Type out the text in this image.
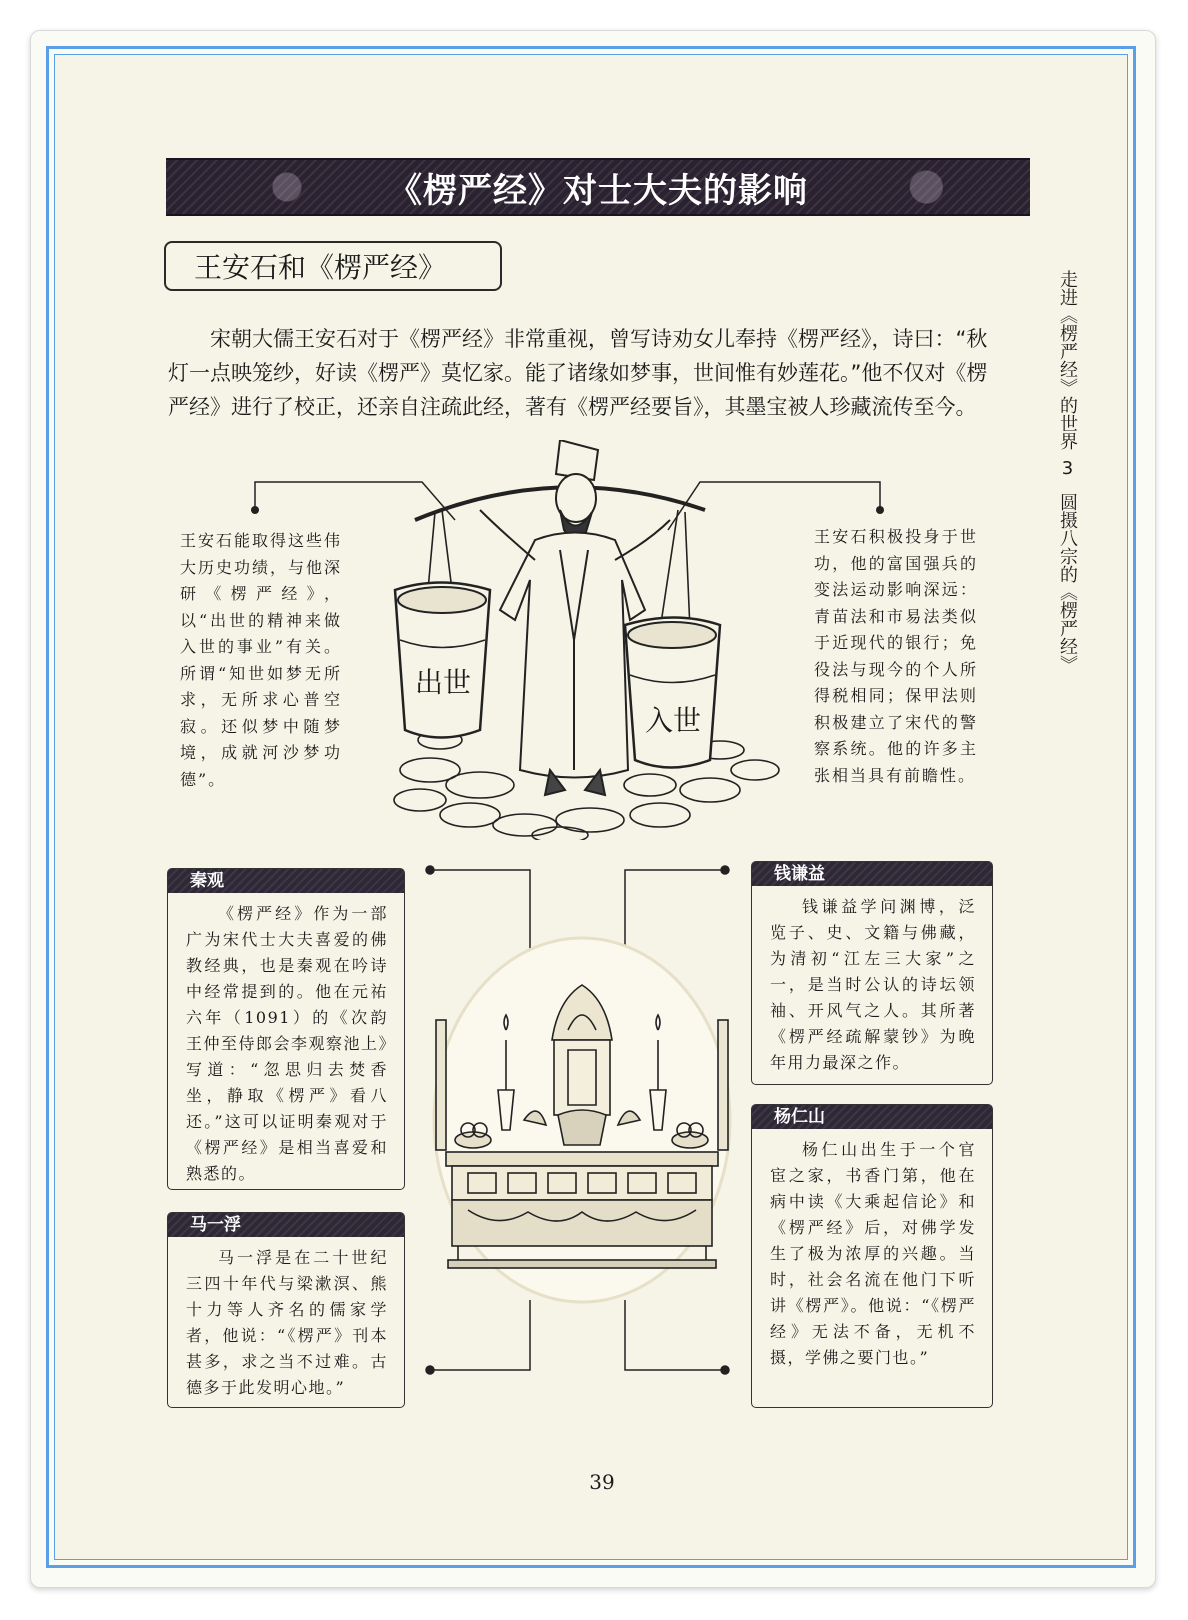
《楞严经》对士大夫的影响
王安石和《楞严经》

宋朝大儒王安石对于《楞严经》非常重视，曾写诗劝女儿奉持《楞严经》，诗曰：“秋灯一点映笼纱，好读《楞严》莫忆家。能了诸缘如梦事，世间惟有妙莲花。”他不仅对《楞严经》进行了校正，还亲自注疏此经，著有《楞严经要旨》，其墨宝被人珍藏流传至今。	走进《楞严经》的世界3圆摄八宗的《楞严经》
出世
入世
王安石能取得这些伟大历史功绩，与他深研《楞严经》，以“出世的精神来做入世的事业”有关。所谓“知世如梦无所求，无所求心普空寂。还似梦中随梦境，成就河沙梦功德”。
王安石积极投身于世功，他的富国强兵的变法运动影响深远：青苗法和市易法类似于近现代的银行；免役法与现今的个人所得税相同；保甲法则积极建立了宋代的警察系统。他的许多主张相当具有前瞻性。
秦观

《楞严经》作为一部广为宋代士大夫喜爱的佛教经典，也是秦观在吟诗中经常提到的。他在元祐六年（1091）的《次韵王仲至侍郎会李观察池上》写道：“忽思归去焚香坐，静取《楞严》看八还。”这可以证明秦观对于《楞严经》是相当喜爱和熟悉的。

马一浮

马一浮是在二十世纪三四十年代与梁漱溟、熊十力等人齐名的儒家学者，他说：“《楞严》刊本甚多，求之当不过难。古德多于此发明心地。”

钱谦益

钱谦益学问渊博，泛览子、史、文籍与佛藏，为清初“江左三大家”之一，是当时公认的诗坛领袖、开风气之人。其所著《楞严经疏解蒙钞》为晚年用力最深之作。

杨仁山

杨仁山出生于一个官宦之家，书香门第，他在病中读《大乘起信论》和《楞严经》后，对佛学发生了极为浓厚的兴趣。当时，社会名流在他门下听讲《楞严》。他说：“《楞严经》无法不备，无机不摄，学佛之要门也。”

39
